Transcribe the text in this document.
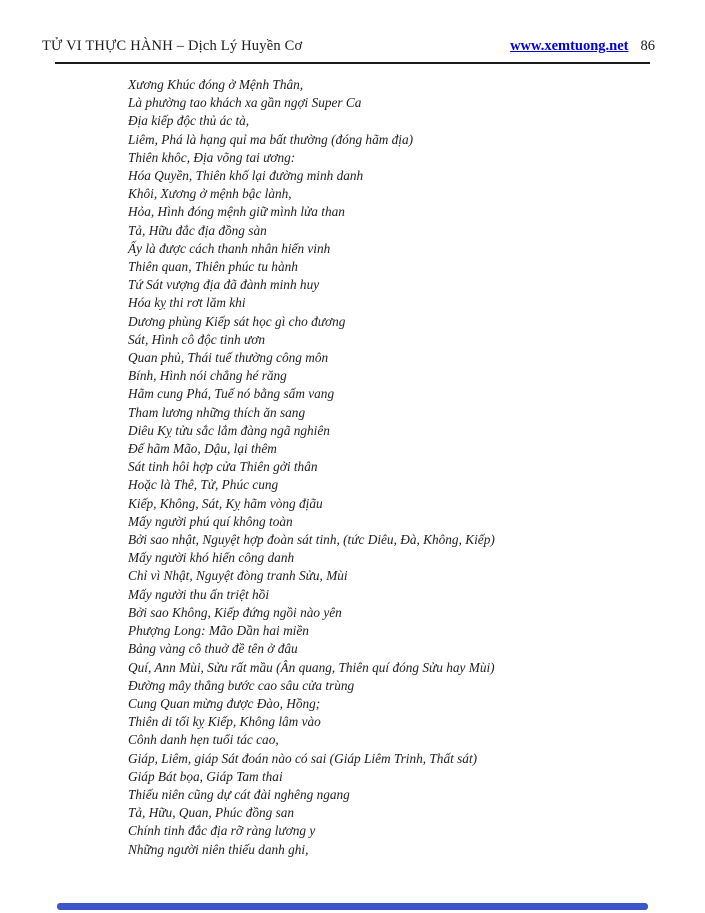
TỬ VI THỰC HÀNH – Dịch Lý Huyền Cơ	www.xemtuong.net 86
Xương Khúc đóng ở Mệnh Thân,
Là phường tao khách xa gần ngợi Super Ca
Địa kiếp độc thủ ác tà,
Liêm, Phá là hạng quỉ ma bất thường (đóng hãm địa)
Thiên khôc, Địa võng tai ương:
Hóa Quyền, Thiên khố lại đường minh danh
Khôi, Xương ở mệnh bậc lành,
Hỏa, Hình đóng mệnh giữ mình lửa than
Tả, Hữu đắc địa đồng sàn
Ấy là được cách thanh nhân hiển vinh
Thiên quan, Thiên phúc tu hành
Tứ Sát vượng địa đã đành minh huy
Hóa kỵ thi rơt lăm khi
Dương phùng Kiếp sát học gì cho đương
Sát, Hình cô độc tinh ươn
Quan phủ, Thái tuế thường công môn
Bính, Hình nói chẳng hé răng
Hãm cung Phá, Tuế nó bằng sấm vang
Tham lương những thích ăn sang
Diêu Kỵ tửu sắc lắm đàng ngã nghiên
Đế hãm Mão, Dậu, lại thêm
Sát tinh hôi hợp cửa Thiên gởi thân
Hoặc là Thê, Tử, Phúc cung
Kiếp, Không, Sát, Kỵ hãm vòng địãu
Mấy người phú quí không toàn
Bởi sao nhật, Nguyệt hợp đoàn sát tinh, (tức Diêu, Đà, Không, Kiếp)
Mấy người khó hiển công danh
Chỉ vì Nhật, Nguyệt đòng tranh Sửu, Mùi
Mấy người thu ấn triệt hồi
Bởi sao Không, Kiếp đứng ngồi nào yên
Phượng Long: Mão Dần hai miền
Bảng vàng cô thuở đề tên ở đâu
Quí, Ann Mùi, Sửu rất mầu (Ân quang, Thiên quí đóng Sửu hay Mùi)
Đường mây thẳng bước cao sâu cửa trùng
Cung Quan mừng được Đào, Hồng;
Thiên di tối kỵ Kiếp, Không lâm vào
Cônh danh hẹn tuổi tác cao,
Giáp, Liêm, giáp Sát đoán nào có sai (Giáp Liêm Trinh, Thất sát)
Giáp Bát bọa, Giáp Tam thai
Thiếu niên cũng dự cát đài nghêng ngang
Tả, Hữu, Quan, Phúc đồng san
Chính tinh đắc địa rỡ ràng lương y
Những người niên thiếu danh ghi,
